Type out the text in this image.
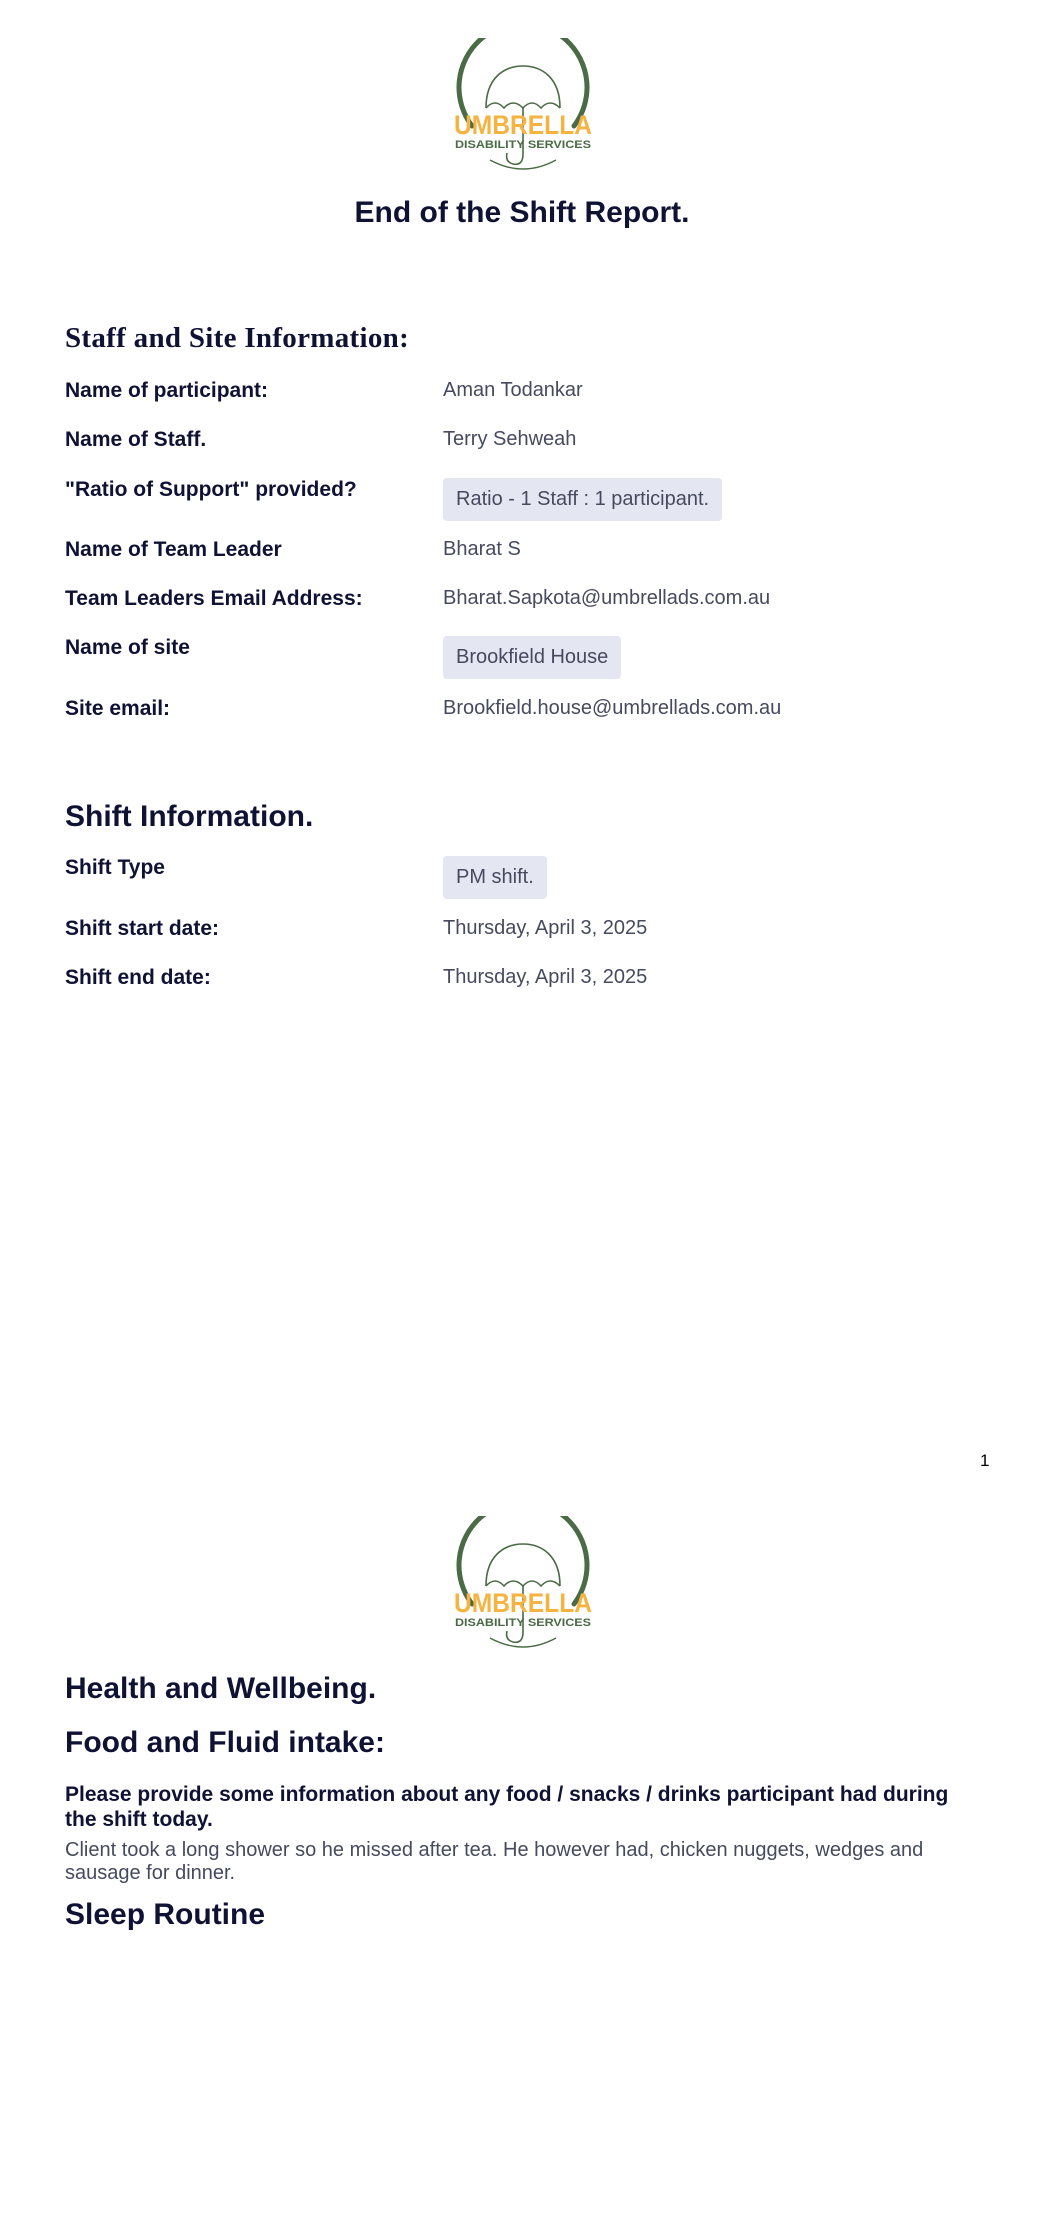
UMBRELLA
DISABILITY SERVICES
End of the Shift Report.
Staff and Site Information:
Name of participant:	Aman Todankar
Name of Staff.	Terry Sehweah
"Ratio of Support" provided?	Ratio - 1 Staff : 1 participant.
Name of Team Leader	Bharat S
Team Leaders Email Address:	Bharat.Sapkota@umbrellads.com.au
Name of site	Brookfield House
Site email:	Brookfield.house@umbrellads.com.au
Shift Information.
Shift Type	PM shift.
Shift start date:	Thursday, April 3, 2025
Shift end date:	Thursday, April 3, 2025
1
UMBRELLA
DISABILITY SERVICES
Health and Wellbeing.
Food and Fluid intake:

Please provide some information about any food / snacks / drinks participant had during the shift today.

Client took a long shower so he missed after tea. He however had, chicken nuggets, wedges and sausage for dinner.

Sleep Routine
